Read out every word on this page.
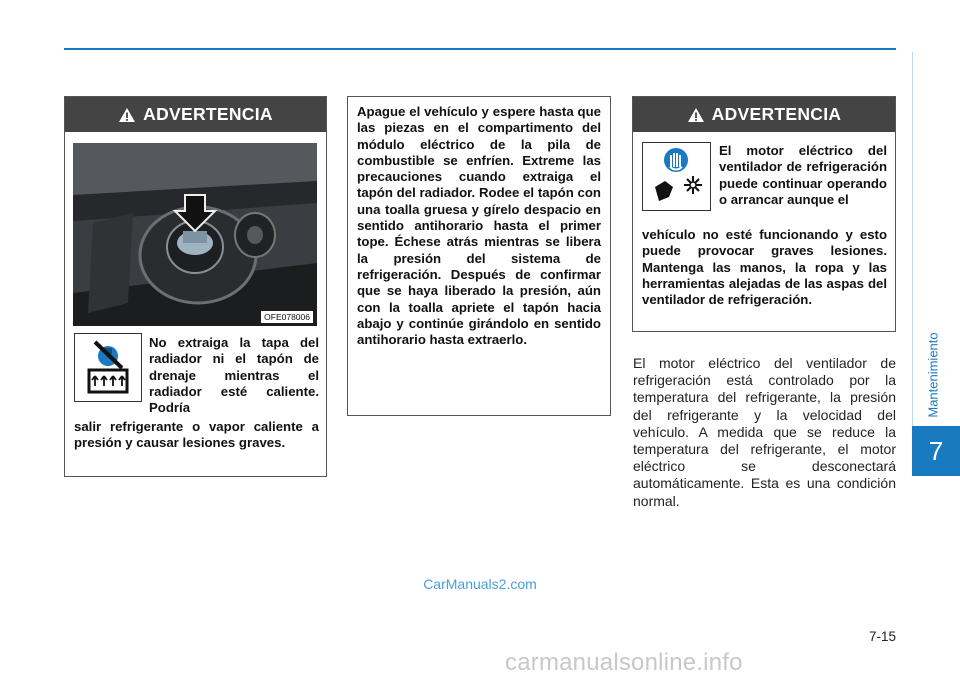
Mantenimiento
7
ADVERTENCIA
OFE078006
No extraiga la tapa del radiador ni el tapón de drenaje mientras el radiador esté caliente. Podría
salir refrigerante o vapor caliente a presión y causar lesiones graves.
Apague el vehículo y espere hasta que las piezas en el compartimento del módulo eléctrico de la pila de combustible se enfríen. Extreme las precauciones cuando extraiga el tapón del radiador. Rodee el tapón con una toalla gruesa y gírelo despacio en sentido antihorario hasta el primer tope. Échese atrás mientras se libera la presión del sistema de refrigeración. Después de confirmar que se haya liberado la presión, aún con la toalla apriete el tapón hacia abajo y continúe girándolo en sentido antihorario hasta extraerlo.
ADVERTENCIA
El motor eléctrico del ventilador de refrigeración puede continuar operando o arrancar aunque el
vehículo no esté funcionando y esto puede provocar graves lesiones. Mantenga las manos, la ropa y las herramientas alejadas de las aspas del ventilador de refrigeración.
El motor eléctrico del ventilador de refrigeración está controlado por la temperatura del refrigerante, la presión del refrigerante y la velocidad del vehículo. A medida que se reduce la temperatura del refrigerante, el motor eléctrico se desconectará automáticamente. Esta es una condición normal.
CarManuals2.com
7-15
carmanualsonline.info
